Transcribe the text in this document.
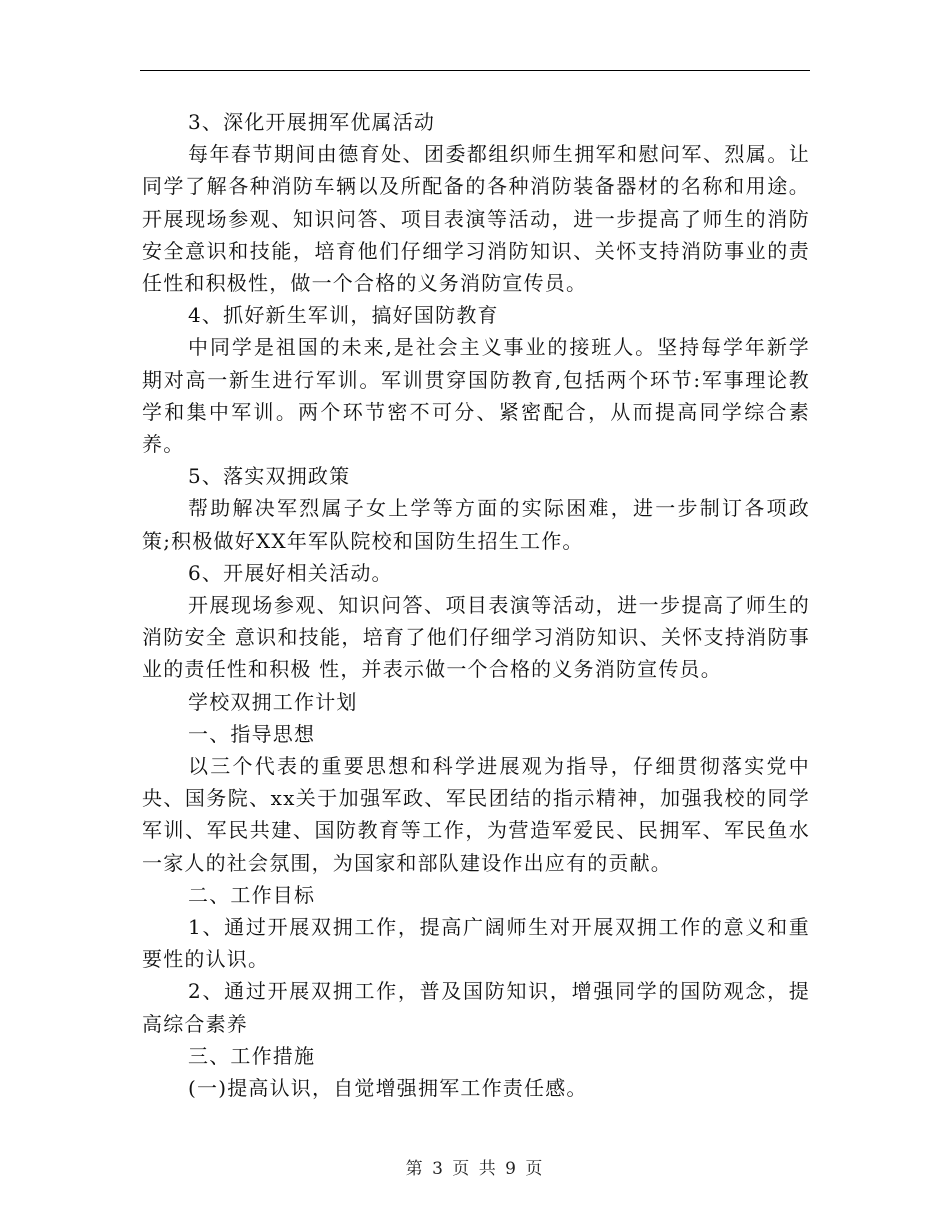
3、深化开展拥军优属活动

每年春节期间由德育处、团委都组织师生拥军和慰问军、烈属。让同学了解各种消防车辆以及所配备的各种消防装备器材的名称和用途。开展现场参观、知识问答、项目表演等活动，进一步提高了师生的消防安全意识和技能，培育他们仔细学习消防知识、关怀支持消防事业的责任性和积极性，做一个合格的义务消防宣传员。

4、抓好新生军训，搞好国防教育

中同学是祖国的未来,是社会主义事业的接班人。坚持每学年新学期对高一新生进行军训。军训贯穿国防教育,包括两个环节:军事理论教学和集中军训。两个环节密不可分、紧密配合，从而提高同学综合素养。

5、落实双拥政策

帮助解决军烈属子女上学等方面的实际困难，进一步制订各项政策;积极做好XX年军队院校和国防生招生工作。

6、开展好相关活动。

开展现场参观、知识问答、项目表演等活动，进一步提高了师生的消防安全 意识和技能，培育了他们仔细学习消防知识、关怀支持消防事业的责任性和积极 性，并表示做一个合格的义务消防宣传员。

学校双拥工作计划

一、指导思想

以三个代表的重要思想和科学进展观为指导，仔细贯彻落实党中央、国务院、xx关于加强军政、军民团结的指示精神，加强我校的同学军训、军民共建、国防教育等工作，为营造军爱民、民拥军、军民鱼水一家人的社会氛围，为国家和部队建设作出应有的贡献。

二、工作目标

1、通过开展双拥工作，提高广阔师生对开展双拥工作的意义和重要性的认识。

2、通过开展双拥工作，普及国防知识，增强同学的国防观念，提高综合素养

三、工作措施

(一)提高认识，自觉增强拥军工作责任感。

第 3 页 共 9 页
